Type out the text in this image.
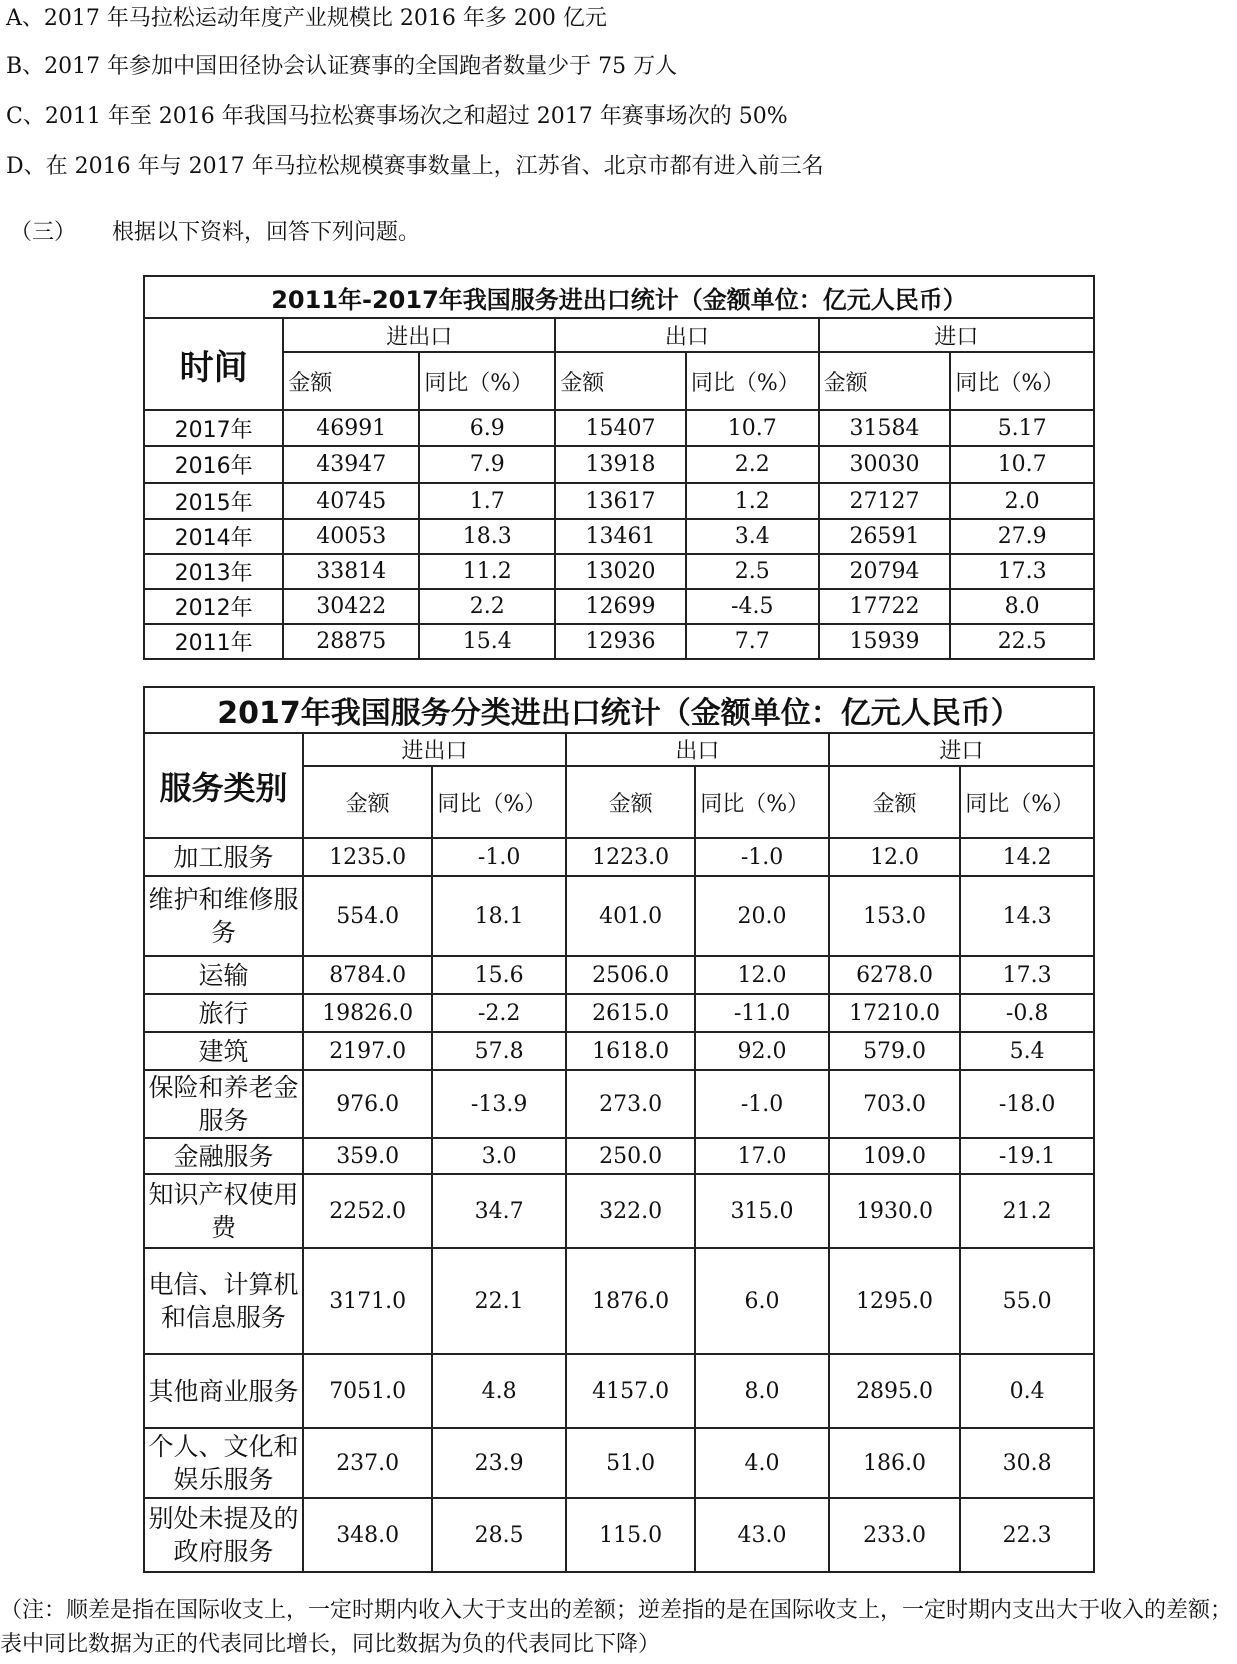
A、2017 年马拉松运动年度产业规模比 2016 年多 200 亿元
B、2017 年参加中国田径协会认证赛事的全国跑者数量少于 75 万人
C、2011 年至 2016 年我国马拉松赛事场次之和超过 2017 年赛事场次的 50%
D、在 2016 年与 2017 年马拉松规模赛事数量上，江苏省、北京市都有进入前三名
（三） 根据以下资料，回答下列问题。
2011年-2017年我国服务进出口统计（金额单位：亿元人民币）						
时间	进出口		出口		进口	
	金额	同比（%）	金额	同比（%）	金额	同比（%）
2017年	46991	6.9	15407	10.7	31584	5.17
2016年	43947	7.9	13918	2.2	30030	10.7
2015年	40745	1.7	13617	1.2	27127	2.0
2014年	40053	18.3	13461	3.4	26591	27.9
2013年	33814	11.2	13020	2.5	20794	17.3
2012年	30422	2.2	12699	-4.5	17722	8.0
2011年	28875	15.4	12936	7.7	15939	22.5
2017年我国服务分类进出口统计（金额单位：亿元人民币）						
服务类别	进出口		出口		进口	
	金额	同比（%）	金额	同比（%）	金额	同比（%）
加工服务	1235.0	-1.0	1223.0	-1.0	12.0	14.2
维护和维修服务	554.0	18.1	401.0	20.0	153.0	14.3
运输	8784.0	15.6	2506.0	12.0	6278.0	17.3
旅行	19826.0	-2.2	2615.0	-11.0	17210.0	-0.8
建筑	2197.0	57.8	1618.0	92.0	579.0	5.4
保险和养老金服务	976.0	-13.9	273.0	-1.0	703.0	-18.0
金融服务	359.0	3.0	250.0	17.0	109.0	-19.1
知识产权使用费	2252.0	34.7	322.0	315.0	1930.0	21.2
电信、计算机和信息服务	3171.0	22.1	1876.0	6.0	1295.0	55.0
其他商业服务	7051.0	4.8	4157.0	8.0	2895.0	0.4
个人、文化和娱乐服务	237.0	23.9	51.0	4.0	186.0	30.8
别处未提及的政府服务	348.0	28.5	115.0	43.0	233.0	22.3
（注：顺差是指在国际收支上，一定时期内收入大于支出的差额；逆差指的是在国际收支上，一定时期内支出大于收入的差额；表中同比数据为正的代表同比增长，同比数据为负的代表同比下降）
